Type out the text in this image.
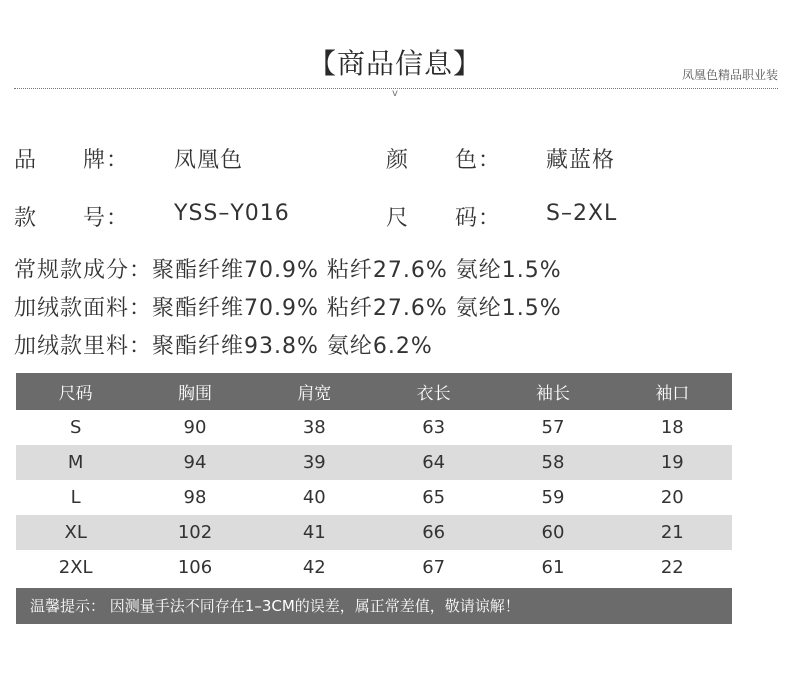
【商品信息】	凤凰色精品职业装
v
品　　牌： 凤凰色	颜　　色： 藏蓝格
款　　号： YSS–Y016	尺　　码： S–2XL
常规款成分：聚酯纤维70.9% 粘纤27.6% 氨纶1.5%
加绒款面料：聚酯纤维70.9% 粘纤27.6% 氨纶1.5%
加绒款里料：聚酯纤维93.8% 氨纶6.2%
尺码	胸围	肩宽	衣长	袖长	袖口
S	90	38	63	57	18
M	94	39	64	58	19
L	98	40	65	59	20
XL	102	41	66	60	21
2XL	106	42	67	61	22
温馨提示： 因测量手法不同存在1–3CM的误差，属正常差值，敬请谅解！
